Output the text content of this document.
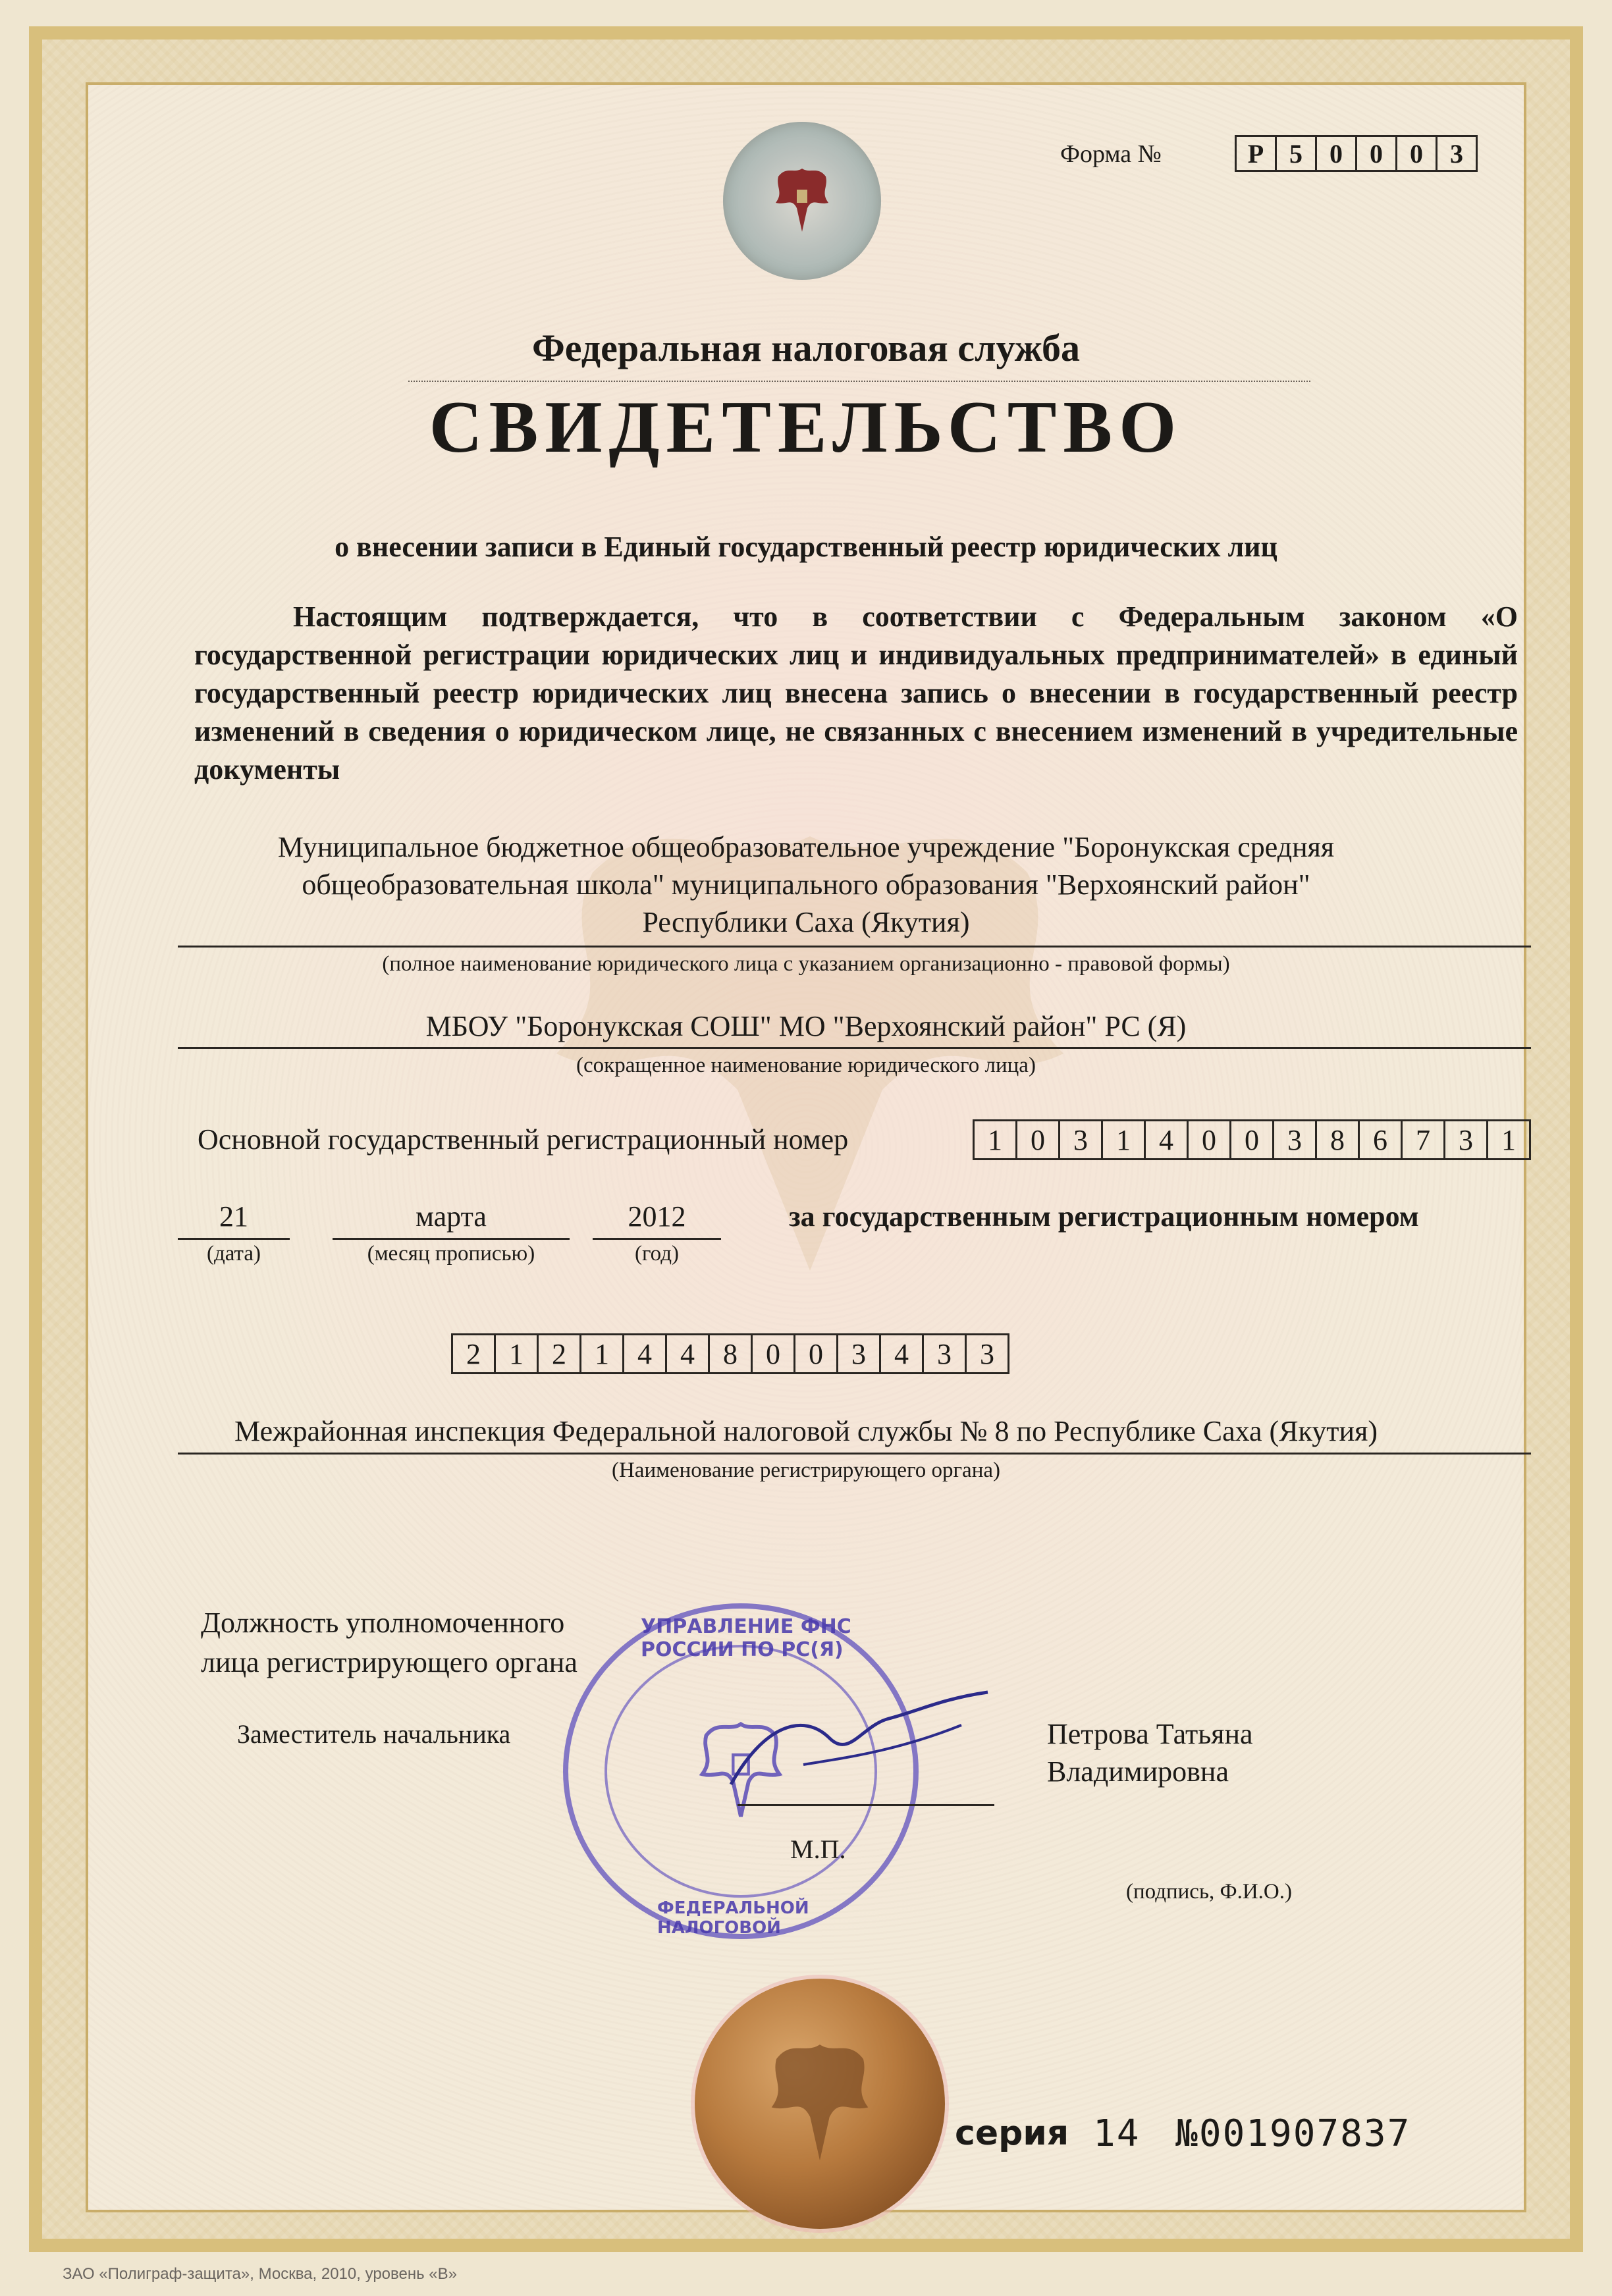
Форма №	Р 5	0	0	0	3
Федеральная налоговая служба
СВИДЕТЕЛЬСТВО
о внесении записи в Единый государственный реестр юридических лиц
Настоящим подтверждается, что в соответствии с Федеральным законом «О государственной регистрации юридических лиц и индивидуальных предпринимателей» в единый государственный реестр юридических лиц внесена запись о внесении в государственный реестр изменений в сведения о юридическом лице, не связанных с внесением изменений в учредительные документы
Муниципальное бюджетное общеобразовательное учреждение "Боронукская средняя
общеобразовательная школа" муниципального образования "Верхоянский район"
Республики Саха (Якутия)
(полное наименование юридического лица с указанием организационно - правовой формы)
МБОУ "Боронукская СОШ" МО "Верхоянский район" РС (Я)
(сокращенное наименование юридического лица)
Основной государственный регистрационный номер	1 0 3 1 4 0 0 3 8 6 7 3 1
21
(дата)
марта
(месяц прописью)
2012
(год)
за государственным регистрационным номером
2 1 2 1 4 4 8 0 0 3 4 3 3
Межрайонная инспекция Федеральной налоговой службы № 8 по Республике Саха (Якутия)
(Наименование регистрирующего органа)
Должность уполномоченного
лица регистрирующего органа
Заместитель начальника
УПРАВЛЕНИЕ ФНС РОССИИ ПО РС(Я)
ФЕДЕРАЛЬНОЙ НАЛОГОВОЙ
Петрова Татьяна
Владимировна
М.П.
(подпись, Ф.И.О.)
серия 14 №001907837
ЗАО «Полиграф-защита», Москва, 2010, уровень «В»
